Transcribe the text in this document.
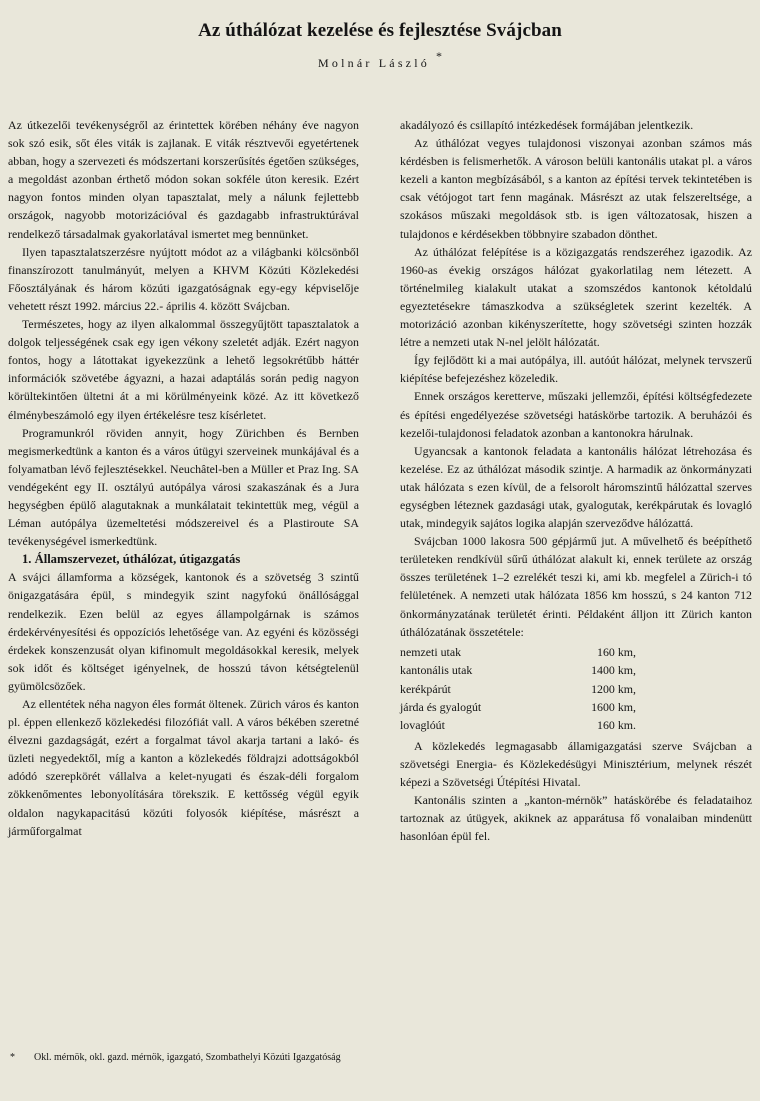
Az úthálózat kezelése és fejlesztése Svájcban
Molnár László *

Az útkezelői tevékenységről az érintettek körében néhány éve nagyon sok szó esik, sőt éles viták is zajlanak. E viták résztvevői egyetértenek abban, hogy a szervezeti és módszertani korszerűsítés égetően szükséges, a megoldást azonban érthető módon sokan sokféle úton keresik. Ezért nagyon fontos minden olyan tapasztalat, mely a nálunk fejlettebb országok, nagyobb motorizációval és gazdagabb infrastruktúrával rendelkező társadalmak gyakorlatával ismertet meg bennünket.

Ilyen tapasztalatszerzésre nyújtott módot az a világbanki kölcsönből finanszírozott tanulmányút, melyen a KHVM Közúti Közlekedési Főosztályának és három közúti igazgatóságnak egy-egy képviselője vehetett részt 1992. március 22.- április 4. között Svájcban.

Természetes, hogy az ilyen alkalommal összegyűjtött tapasztalatok a dolgok teljességének csak egy igen vékony szeletét adják. Ezért nagyon fontos, hogy a látottakat igyekezzünk a lehető legsokrétűbb háttér információk szövetébe ágyazni, a hazai adaptálás során pedig nagyon körültekintően ültetni át a mi körülményeink közé. Az itt következő élménybeszámoló egy ilyen értékelésre tesz kísérletet.

Programunkról röviden annyit, hogy Zürichben és Bernben megismerkedtünk a kanton és a város útügyi szerveinek munkájával és a folyamatban lévő fejlesztésekkel. Neuchâtel-ben a Müller et Praz Ing. SA vendégeként egy II. osztályú autópálya városi szakaszának és a Jura hegységben épülő alagutaknak a munkálatait tekintettük meg, végül a Léman autópálya üzemeltetési módszereivel és a Plastiroute SA tevékenységével ismerkedtünk.

1. Államszervezet, úthálózat, útigazgatás

A svájci államforma a községek, kantonok és a szövetség 3 szintű önigazgatására épül, s mindegyik szint nagyfokú önállósággal rendelkezik. Ezen belül az egyes állampolgárnak is számos érdekérvényesítési és oppozíciós lehetősége van. Az egyéni és közösségi érdekek konszenzusát olyan kifinomult megoldásokkal keresik, melyek sok időt és költséget igényelnek, de hosszú távon kétségtelenül gyümölcsözőek.

Az ellentétek néha nagyon éles formát öltenek. Zürich város és kanton pl. éppen ellenkező közlekedési filozófiát vall. A város békében szeretné élvezni gazdagságát, ezért a forgalmat távol akarja tartani a lakó- és üzleti negyedektől, míg a kanton a közlekedés földrajzi adottságokból adódó szerepkörét vállalva a kelet-nyugati és észak-déli forgalom zökkenőmentes lebonyolítására törekszik. E kettősség végül egyik oldalon nagykapacitású közúti folyosók kiépítése, másrészt a járműforgalmat

akadályozó és csillapító intézkedések formájában jelentkezik.

Az úthálózat vegyes tulajdonosi viszonyai azonban számos más kérdésben is felismerhetők. A városon belüli kantonális utakat pl. a város kezeli a kanton megbízásából, s a kanton az építési tervek tekintetében is csak vétójogot tart fenn magának. Másrészt az utak felszereltsége, a szokásos műszaki megoldások stb. is igen változatosak, hiszen a tulajdonos e kérdésekben többnyire szabadon dönthet.

Az úthálózat felépítése is a közigazgatás rendszeréhez igazodik. Az 1960-as évekig országos hálózat gyakorlatilag nem létezett. A történelmileg kialakult utakat a szomszédos kantonok kétoldalú egyeztetésekre támaszkodva a szükségletek szerint kezelték. A motorizáció azonban kikényszerítette, hogy szövetségi szinten hozzák létre a nemzeti utak N-nel jelölt hálózatát.

Így fejlődött ki a mai autópálya, ill. autóút hálózat, melynek tervszerű kiépítése befejezéshez közeledik.

Ennek országos keretterve, műszaki jellemzői, építési költségfedezete és építési engedélyezése szövetségi hatáskörbe tartozik. A beruházói és kezelői-tulajdonosi feladatok azonban a kantonokra hárulnak.

Ugyancsak a kantonok feladata a kantonális hálózat létrehozása és kezelése. Ez az úthálózat második szintje. A harmadik az önkormányzati utak hálózata s ezen kívül, de a felsorolt háromszintű hálózattal szerves egységben léteznek gazdasági utak, gyalogutak, kerékpárutak és lovagló utak, mindegyik sajátos logika alapján szerveződve hálózattá.

Svájcban 1000 lakosra 500 gépjármű jut. A művelhető és beépíthető területeken rendkívül sűrű úthálózat alakult ki, ennek területe az ország összes területének 1–2 ezrelékét teszi ki, ami kb. megfelel a Zürich-i tó felületének. A nemzeti utak hálózata 1856 km hosszú, s 24 kanton 712 önkormányzatának területét érinti. Példaként álljon itt Zürich kanton úthálózatának összetétele:

nemzeti utak	160 km,
kantonális utak	1400 km,
kerékpárút	1200 km,
járda és gyalogút	1600 km,
lovaglóút	160 km.

A közlekedés legmagasabb államigazgatási szerve Svájcban a szövetségi Energia- és Közlekedésügyi Minisztérium, melynek részét képezi a Szövetségi Útépítési Hivatal.

Kantonális szinten a „kanton-mérnök” hatáskörébe és feladataihoz tartoznak az útügyek, akiknek az apparátusa fő vonalaiban mindenütt hasonlóan épül fel.

* Okl. mérnök, okl. gazd. mérnök, igazgató, Szombathelyi Közúti Igazgatóság
